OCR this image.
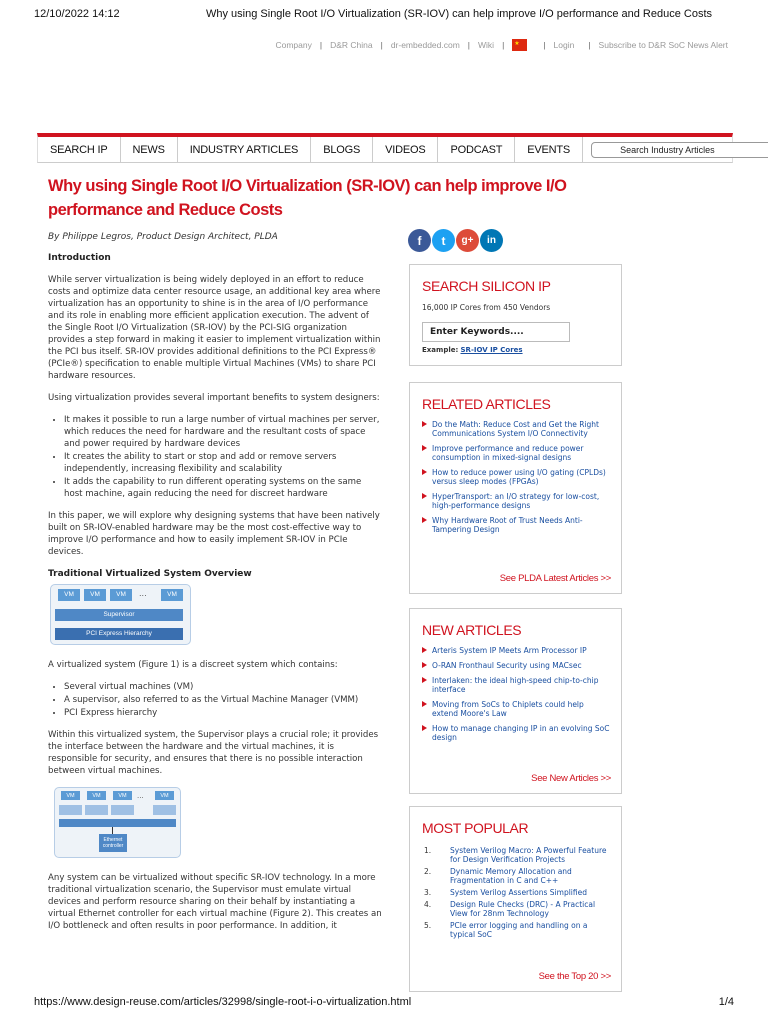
12/10/2022 14:12	Why using Single Root I/O Virtualization (SR-IOV) can help improve I/O performance and Reduce Costs
Company | D&R China | dr-embedded.com | Wiki |
★	| Login | Subscribe to D&R SoC News Alert
SEARCH IP	NEWS	INDUSTRY ARTICLES	BLOGS	VIDEOS	PODCAST	EVENTS
Search Industry Articles
Why using Single Root I/O Virtualization (SR-IOV) can help improve I/O performance and Reduce Costs
By Philippe Legros, Product Design Architect, PLDA	f	t	g+	in
Introduction

While server virtualization is being widely deployed in an effort to reduce costs and optimize data center resource usage, an additional key area where virtualization has an opportunity to shine is in the area of I/O performance and its role in enabling more efficient application execution. The advent of the Single Root I/O Virtualization (SR-IOV) by the PCI-SIG organization provides a step forward in making it easier to implement virtualization within the PCI bus itself. SR-IOV provides additional definitions to the PCI Express® (PCIe®) specification to enable multiple Virtual Machines (VMs) to share PCI hardware resources.

Using virtualization provides several important benefits to system designers:

• It makes it possible to run a large number of virtual machines per server, which reduces the need for hardware and the resultant costs of space and power required by hardware devices
• It creates the ability to start or stop and add or remove servers independently, increasing flexibility and scalability
• It adds the capability to run different operating systems on the same host machine, again reducing the need for discreet hardware

In this paper, we will explore why designing systems that have been natively built on SR-IOV-enabled hardware may be the most cost-effective way to improve I/O performance and how to easily implement SR-IOV in PCIe devices.

Traditional Virtualized System Overview
VM	VM	VM	...	VM
Supervisor
PCI Express Hierarchy

A virtualized system (Figure 1) is a discreet system which contains:

• Several virtual machines (VM)
• A supervisor, also referred to as the Virtual Machine Manager (VMM)
• PCI Express hierarchy

Within this virtualized system, the Supervisor plays a crucial role; it provides the interface between the hardware and the virtual machines, it is responsible for security, and ensures that there is no possible interaction between virtual machines.

VM	VM	VM	...	VM
Ethernet controller

Any system can be virtualized without specific SR-IOV technology. In a more traditional virtualization scenario, the Supervisor must emulate virtual devices and perform resource sharing on their behalf by instantiating a virtual Ethernet controller for each virtual machine (Figure 2). This creates an I/O bottleneck and often results in poor performance. In addition, it

SEARCH SILICON IP
16,000 IP Cores from 450 Vendors
Enter Keywords....
Example: SR-IOV IP Cores
RELATED ARTICLES
Do the Math: Reduce Cost and Get the Right Communications System I/O Connectivity
Improve performance and reduce power consumption in mixed-signal designs
How to reduce power using I/O gating (CPLDs) versus sleep modes (FPGAs)
HyperTransport: an I/O strategy for low-cost, high-performance designs
Why Hardware Root of Trust Needs Anti-Tampering Design
See PLDA Latest Articles >>
NEW ARTICLES
Arteris System IP Meets Arm Processor IP
O-RAN Fronthaul Security using MACsec
Interlaken: the ideal high-speed chip-to-chip interface
Moving from SoCs to Chiplets could help extend Moore's Law
How to manage changing IP in an evolving SoC design
See New Articles >>
MOST POPULAR
1.	System Verilog Macro: A Powerful Feature for Design Verification Projects
2.	Dynamic Memory Allocation and Fragmentation in C and C++
3.	System Verilog Assertions Simplified
4.	Design Rule Checks (DRC) - A Practical View for 28nm Technology
5.	PCIe error logging and handling on a typical SoC
See the Top 20 >>
https://www.design-reuse.com/articles/32998/single-root-i-o-virtualization.html	1/4
